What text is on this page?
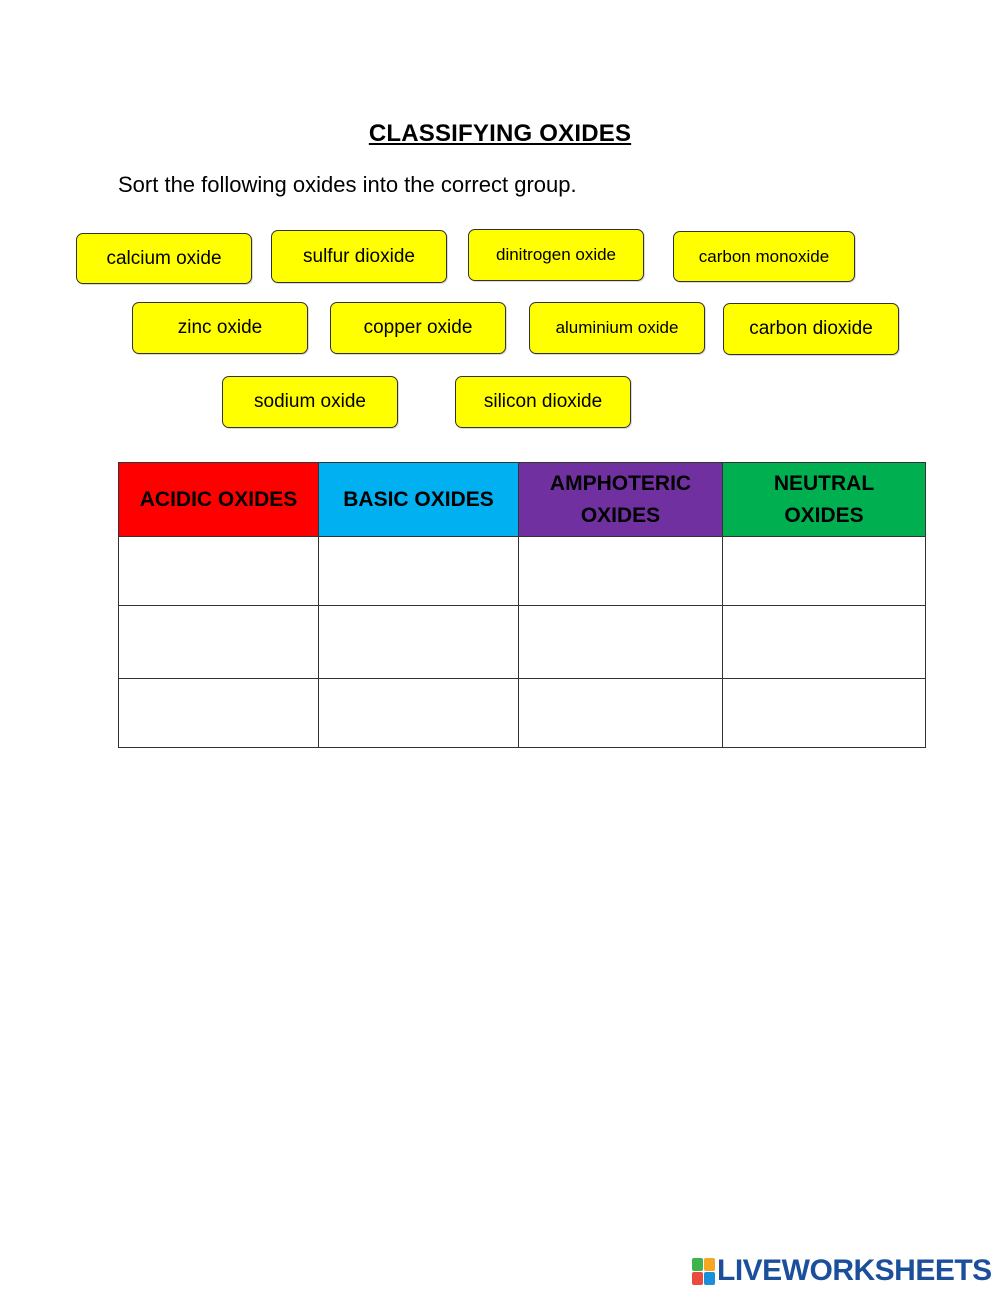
CLASSIFYING OXIDES
Sort the following oxides into the correct group.
calcium oxide	sulfur dioxide	dinitrogen oxide	carbon monoxide
zinc oxide	copper oxide	aluminium oxide	carbon dioxide
sodium oxide	silicon dioxide
ACIDIC OXIDES	BASIC OXIDES	AMPHOTERIC OXIDES	NEUTRAL OXIDES

LIVEWORKSHEETS
